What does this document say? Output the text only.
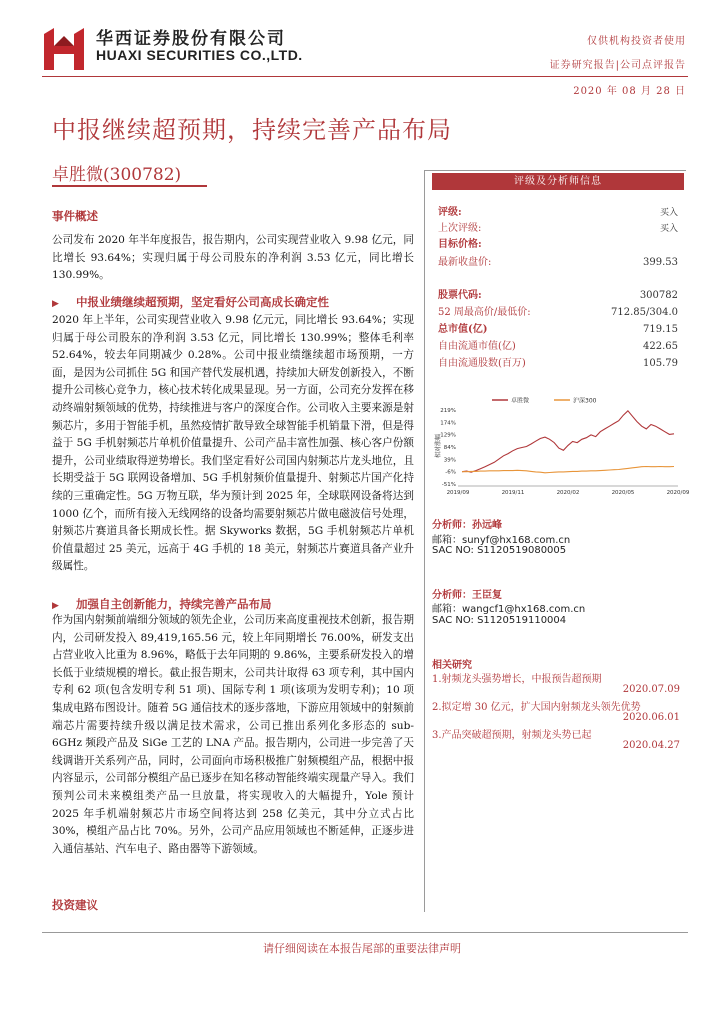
华西证券股份有限公司
HUAXI SECURITIES CO.,LTD.
仅供机构投资者使用
证券研究报告|公司点评报告
2020 年 08 月 28 日
中报继续超预期，持续完善产品布局
卓胜微(300782)
事件概述
公司发布 2020 年半年度报告，报告期内，公司实现营业收入 9.98 亿元，同比增长 93.64%；实现归属于母公司股东的净利润 3.53 亿元，同比增长 130.99%。
▶ 中报业绩继续超预期，坚定看好公司高成长确定性
2020 年上半年，公司实现营业收入 9.98 亿元元，同比增长 93.64%；实现归属于母公司股东的净利润 3.53 亿元，同比增长 130.99%；整体毛利率 52.64%，较去年同期减少 0.28%。公司中报业绩继续超市场预期，一方面，是因为公司抓住 5G 和国产替代发展机遇，持续加大研发创新投入，不断提升公司核心竞争力，核心技术转化成果显现。另一方面，公司充分发挥在移动终端射频领域的优势，持续推进与客户的深度合作。公司收入主要来源是射频芯片，多用于智能手机，虽然疫情扩散导致全球智能手机销量下滑，但是得益于 5G 手机射频芯片单机价值量提升、公司产品丰富性加强、核心客户份额提升，公司业绩取得逆势增长。我们坚定看好公司国内射频芯片龙头地位，且长期受益于 5G 联网设备增加、5G 手机射频价值量提升、射频芯片国产化持续的三重确定性。5G 万物互联，华为预计到 2025 年，全球联网设备将达到 1000 亿个，而所有接入无线网络的设备均需要射频芯片做电磁波信号处理，射频芯片赛道具备长期成长性。据 Skyworks 数据，5G 手机射频芯片单机价值量超过 25 美元，远高于 4G 手机的 18 美元，射频芯片赛道具备产业升级属性。
▶ 加强自主创新能力，持续完善产品布局
作为国内射频前端细分领域的领先企业，公司历来高度重视技术创新，报告期内，公司研发投入 89,419,165.56 元，较上年同期增长 76.00%，研发支出占营业收入比重为 8.96%，略低于去年同期的 9.86%，主要系研发投入的增长低于业绩规模的增长。截止报告期末，公司共计取得 63 项专利，其中国内专利 62 项(包含发明专利 51 项)、国际专利 1 项(该项为发明专利)；10 项集成电路布图设计。随着 5G 通信技术的逐步落地，下游应用领域中的射频前端芯片需要持续升级以满足技术需求，公司已推出系列化多形态的 sub-6GHz 频段产品及 SiGe 工艺的 LNA 产品。报告期内，公司进一步完善了天线调谐开关系列产品，同时，公司面向市场积极推广射频模组产品，根据中报内容显示，公司部分模组产品已逐步在知名移动智能终端实现量产导入。我们预判公司未来模组类产品一旦放量，将实现收入的大幅提升，Yole 预计 2025 年手机端射频芯片市场空间将达到 258 亿美元，其中分立式占比 30%，模组产品占比 70%。另外，公司产品应用领域也不断延伸，正逐步进入通信基站、汽车电子、路由器等下游领域。
投资建议
评级及分析师信息
评级:	买入
上次评级:	买入
目标价格:
最新收盘价:	399.53
股票代码:	300782
52 周最高价/最低价:	712.85/304.0
总市值(亿)	719.15
自由流通市值(亿)	422.65
自由流通股数(百万)	105.79
卓胜微	沪深300
219%
174%
129%
84%
39%
-6%
-51%
2019/09	2019/11	2020/02	2020/05	2020/09
相对涨幅
分析师：孙远峰
邮箱：sunyf@hx168.com.cn
SAC NO: S1120519080005
分析师：王臣复
邮箱：wangcf1@hx168.com.cn
SAC NO: S1120519110004
相关研究
1.射频龙头强势增长，中报预告超预期
2020.07.09
2.拟定增 30 亿元，扩大国内射频龙头领先优势
2020.06.01
3.产品突破超预期，射频龙头势已起
2020.04.27
请仔细阅读在本报告尾部的重要法律声明
